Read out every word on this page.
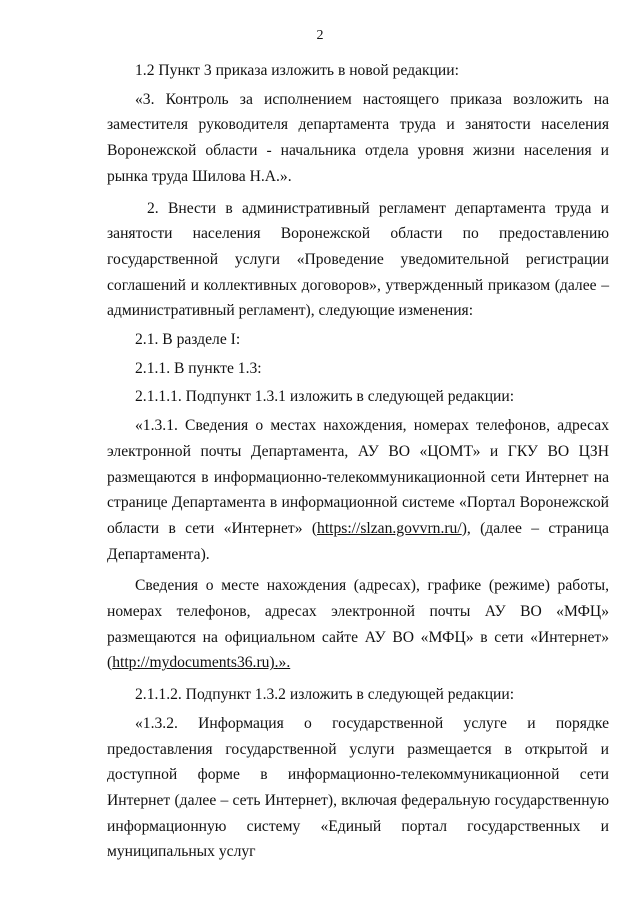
2

1.2 Пункт 3 приказа изложить в новой редакции:

«3. Контроль за исполнением настоящего приказа возложить на заместителя руководителя департамента труда и занятости населения Воронежской области - начальника отдела уровня жизни населения и рынка труда Шилова Н.А.».

2. Внести в административный регламент департамента труда и занятости населения Воронежской области по предоставлению государственной услуги «Проведение уведомительной регистрации соглашений и коллективных договоров», утвержденный приказом (далее – административный регламент), следующие изменения:

2.1. В разделе I:

2.1.1. В пункте 1.3:

2.1.1.1. Подпункт 1.3.1 изложить в следующей редакции:

«1.3.1. Сведения о местах нахождения, номерах телефонов, адресах электронной почты Департамента, АУ ВО «ЦОМТ» и ГКУ ВО ЦЗН размещаются в информационно-телекоммуникационной сети Интернет на странице Департамента в информационной системе «Портал Воронежской области в сети «Интернет» (https://slzan.govvrn.ru/), (далее – страница Департамента).

Сведения о месте нахождения (адресах), графике (режиме) работы, номерах телефонов, адресах электронной почты АУ ВО «МФЦ» размещаются на официальном сайте АУ ВО «МФЦ» в сети «Интернет» (http://mydocuments36.ru).».

2.1.1.2. Подпункт 1.3.2 изложить в следующей редакции:

«1.3.2. Информация о государственной услуге и порядке предоставления государственной услуги размещается в открытой и доступной форме в информационно-телекоммуникационной сети Интернет (далее – сеть Интернет), включая федеральную государственную информационную систему «Единый портал государственных и муниципальных услуг
